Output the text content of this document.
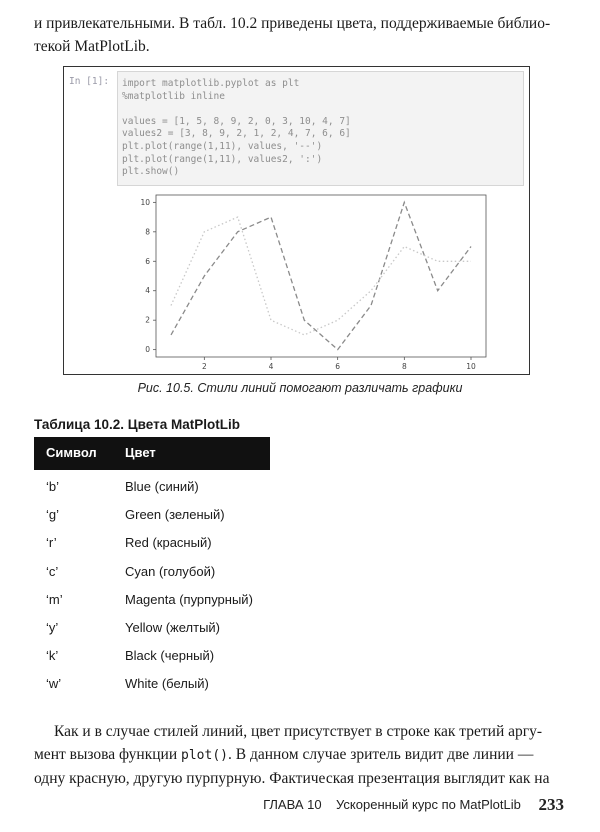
и привлекательными. В табл. 10.2 приведены цвета, поддерживаемые библио-
текой MatPlotLib.

In [1]: import matplotlib.pyplot as plt
%matplotlib inline

values = [1, 5, 8, 9, 2, 0, 3, 10, 4, 7]
values2 = [3, 8, 9, 2, 1, 2, 4, 7, 6, 6]
plt.plot(range(1,11), values, '--')
plt.plot(range(1,11), values2, ':')
plt.show()
2	4	6	8	10
0
2
4
6
8
10
Рис. 10.5. Стили линий помогают различать графики
Таблица 10.2. Цвета MatPlotLib
Символ Цвет
‘b’	Blue (синий)
‘g’	Green (зеленый)
‘r’	Red (красный)
‘c’	Cyan (голубой)
‘m’	Magenta (пурпурный)
‘y’	Yellow (желтый)
‘k’	Black (черный)
‘w’	White (белый)

Как и в случае стилей линий, цвет присутствует в строке как третий аргу-
мент вызова функции plot(). В данном случае зритель видит две линии —
одну красную, другую пурпурную. Фактическая презентация выглядит как на

ГЛАВА 10 Ускоренный курс по MatPlotLib 233
